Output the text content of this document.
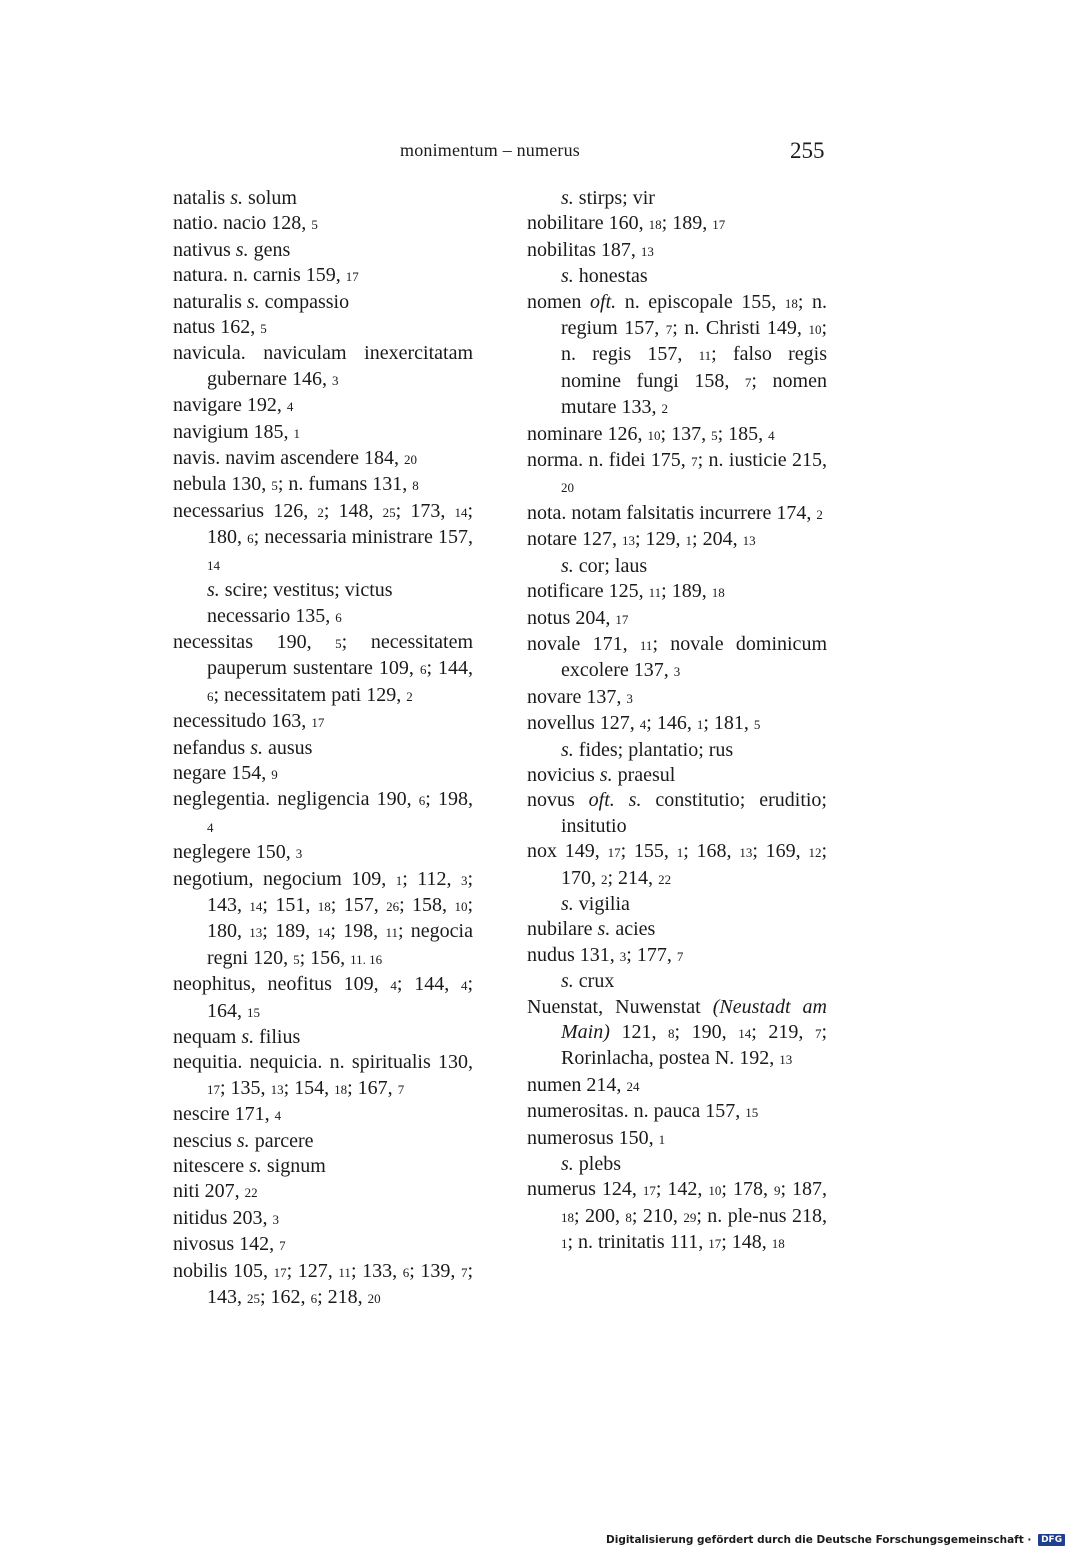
monimentum – numerus	255

natalis s. solum

natio. nacio 128, 5

nativus s. gens

natura. n. carnis 159, 17

naturalis s. compassio

natus 162, 5

navicula. naviculam inexercitatam gubernare 146, 3

navigare 192, 4

navigium 185, 1

navis. navim ascendere 184, 20

nebula 130, 5; n. fumans 131, 8

necessarius 126, 2; 148, 25; 173, 14; 180, 6; necessaria ministrare 157, 14

s. scire; vestitus; victus

necessario 135, 6

necessitas 190, 5; necessitatem pauperum sustentare 109, 6; 144, 6; necessitatem pati 129, 2

necessitudo 163, 17

nefandus s. ausus

negare 154, 9

neglegentia. negligencia 190, 6; 198, 4

neglegere 150, 3

negotium, negocium 109, 1; 112, 3; 143, 14; 151, 18; 157, 26; 158, 10; 180, 13; 189, 14; 198, 11; negocia regni 120, 5; 156, 11. 16

neophitus, neofitus 109, 4; 144, 4; 164, 15

nequam s. filius

nequitia. nequicia. n. spiritualis 130, 17; 135, 13; 154, 18; 167, 7

nescire 171, 4

nescius s. parcere

nitescere s. signum

niti 207, 22

nitidus 203, 3

nivosus 142, 7

nobilis 105, 17; 127, 11; 133, 6; 139, 7; 143, 25; 162, 6; 218, 20

s. stirps; vir

nobilitare 160, 18; 189, 17

nobilitas 187, 13

s. honestas

nomen oft. n. episcopale 155, 18; n. regium 157, 7; n. Christi 149, 10; n. regis 157, 11; falso regis nomine fungi 158, 7; nomen mutare 133, 2

nominare 126, 10; 137, 5; 185, 4

norma. n. fidei 175, 7; n. iusticie 215, 20

nota. notam falsitatis incurrere 174, 2

notare 127, 13; 129, 1; 204, 13

s. cor; laus

notificare 125, 11; 189, 18

notus 204, 17

novale 171, 11; novale dominicum excolere 137, 3

novare 137, 3

novellus 127, 4; 146, 1; 181, 5

s. fides; plantatio; rus

novicius s. praesul

novus oft. s. constitutio; eruditio; insitutio

nox 149, 17; 155, 1; 168, 13; 169, 12; 170, 2; 214, 22

s. vigilia

nubilare s. acies

nudus 131, 3; 177, 7

s. crux

Nuenstat, Nuwenstat (Neustadt am Main) 121, 8; 190, 14; 219, 7; Rorinlacha, postea N. 192, 13

numen 214, 24

numerositas. n. pauca 157, 15

numerosus 150, 1

s. plebs

numerus 124, 17; 142, 10; 178, 9; 187, 18; 200, 8; 210, 29; n. ple-nus 218, 1; n. trinitatis 111, 17; 148, 18

Digitalisierung gefördert durch die Deutsche Forschungsgemeinschaft · DFG
